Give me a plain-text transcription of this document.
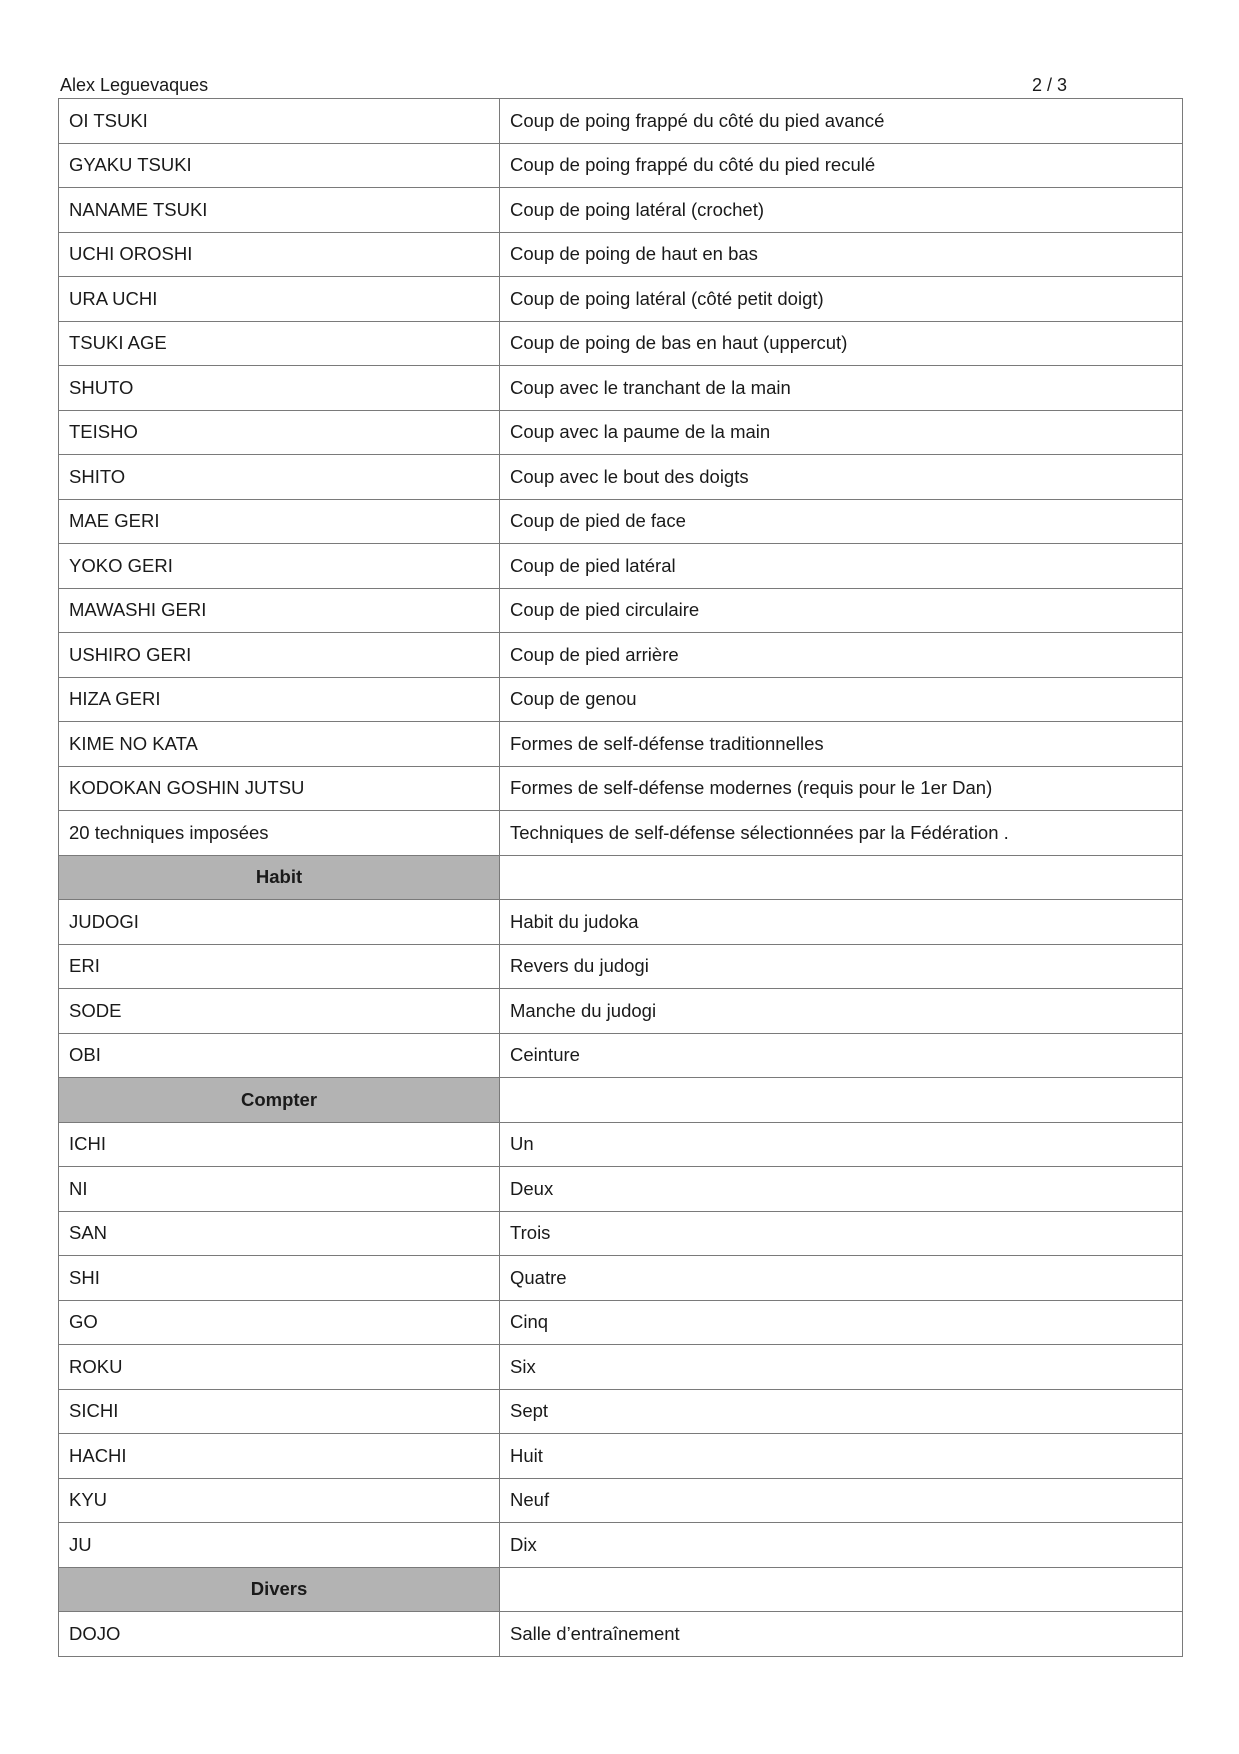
Alex Leguevaques	2 / 3
OI TSUKI	Coup de poing frappé du côté du pied avancé
GYAKU TSUKI	Coup de poing frappé du côté du pied reculé
NANAME TSUKI	Coup de poing latéral (crochet)
UCHI OROSHI	Coup de poing de haut en bas
URA UCHI	Coup de poing latéral (côté petit doigt)
TSUKI AGE	Coup de poing de bas en haut (uppercut)
SHUTO	Coup avec le tranchant de la main
TEISHO	Coup avec la paume de la main
SHITO	Coup avec le bout des doigts
MAE GERI	Coup de pied de face
YOKO GERI	Coup de pied latéral
MAWASHI GERI	Coup de pied circulaire
USHIRO GERI	Coup de pied arrière
HIZA GERI	Coup de genou
KIME NO KATA	Formes de self-défense traditionnelles
KODOKAN GOSHIN JUTSU	Formes de self-défense modernes (requis pour le 1er Dan)
20 techniques imposées	Techniques de self-défense sélectionnées par la Fédération .
Habit	
JUDOGI	Habit du judoka
ERI	Revers du judogi
SODE	Manche du judogi
OBI	Ceinture
Compter	
ICHI	Un
NI	Deux
SAN	Trois
SHI	Quatre
GO	Cinq
ROKU	Six
SICHI	Sept
HACHI	Huit
KYU	Neuf
JU	Dix
Divers	
DOJO	Salle d’entraînement
